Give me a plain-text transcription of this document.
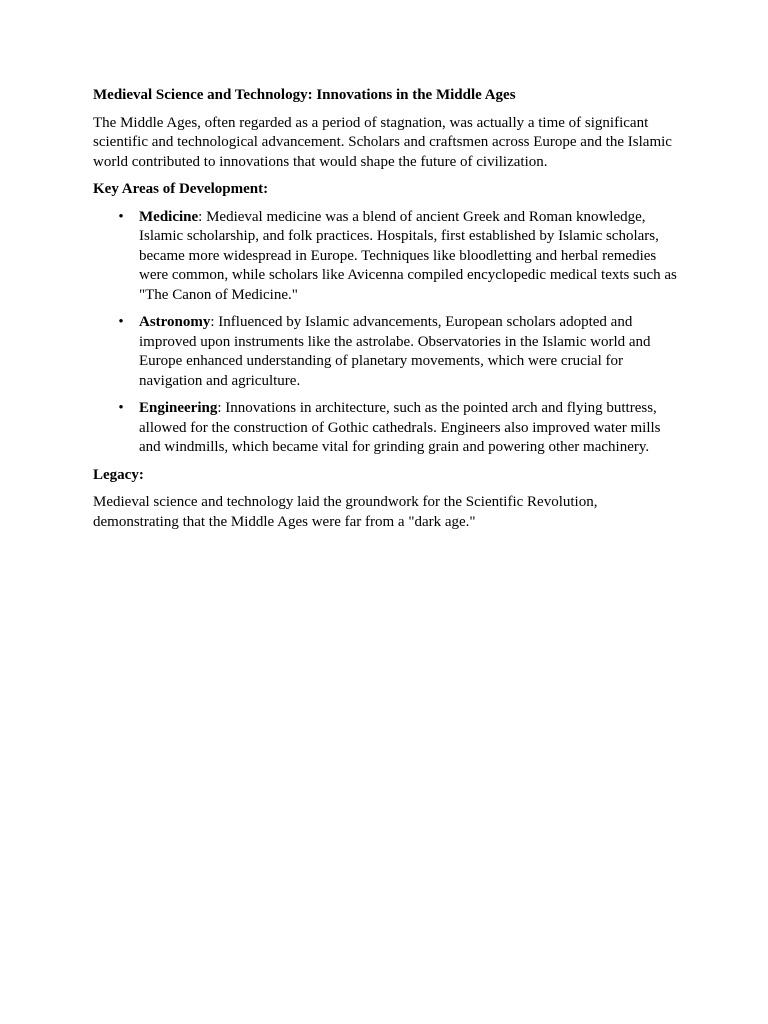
Medieval Science and Technology: Innovations in the Middle Ages

The Middle Ages, often regarded as a period of stagnation, was actually a time of significant scientific and technological advancement. Scholars and craftsmen across Europe and the Islamic world contributed to innovations that would shape the future of civilization.

Key Areas of Development:

• Medicine: Medieval medicine was a blend of ancient Greek and Roman knowledge, Islamic scholarship, and folk practices. Hospitals, first established by Islamic scholars, became more widespread in Europe. Techniques like bloodletting and herbal remedies were common, while scholars like Avicenna compiled encyclopedic medical texts such as "The Canon of Medicine."
• Astronomy: Influenced by Islamic advancements, European scholars adopted and improved upon instruments like the astrolabe. Observatories in the Islamic world and Europe enhanced understanding of planetary movements, which were crucial for navigation and agriculture.
• Engineering: Innovations in architecture, such as the pointed arch and flying buttress, allowed for the construction of Gothic cathedrals. Engineers also improved water mills and windmills, which became vital for grinding grain and powering other machinery.

Legacy:

Medieval science and technology laid the groundwork for the Scientific Revolution, demonstrating that the Middle Ages were far from a "dark age."
